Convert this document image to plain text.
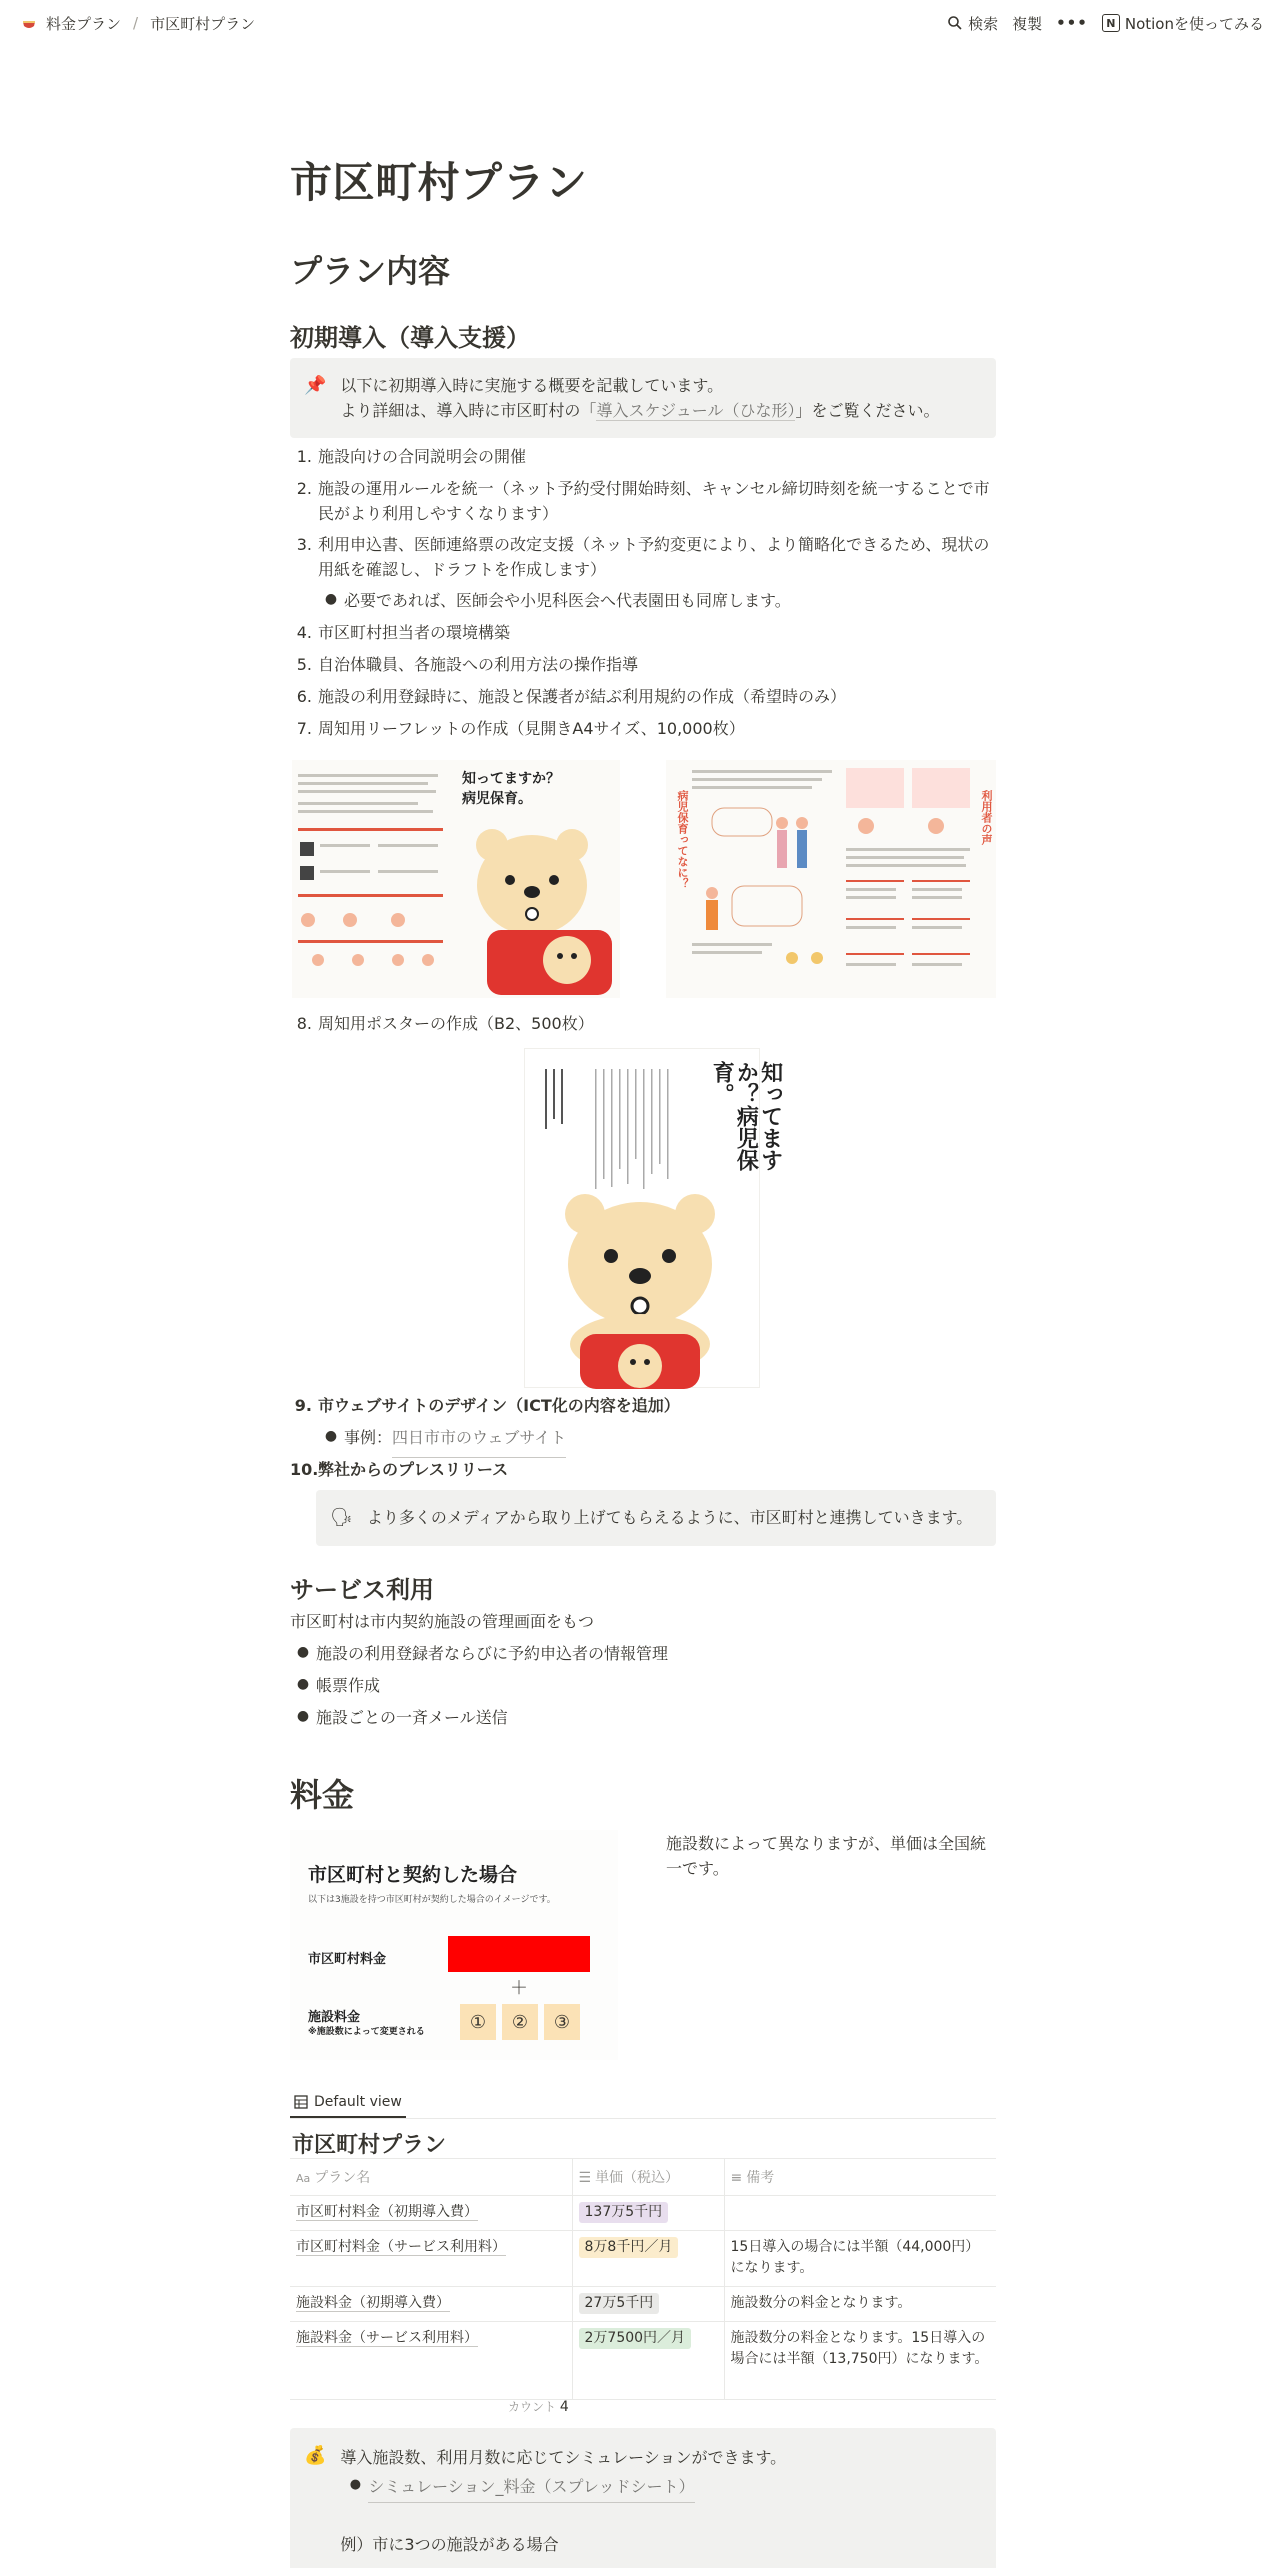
料金プラン / 市区町村プラン	検索 複製 •••	N Notionを使ってみる
市区町村プラン
プラン内容
初期導入（導入支援）
📌 以下に初期導入時に実施する概要を記載しています。
より詳細は、導入時に市区町村の「導入スケジュール（ひな形）」をご覧ください。
1. 施設向けの合同説明会の開催
2. 施設の運用ルールを統一（ネット予約受付開始時刻、キャンセル締切時刻を統一することで市民がより利用しやすくなります）
3. 利用申込書、医師連絡票の改定支援（ネット予約変更により、より簡略化できるため、現状の用紙を確認し、ドラフトを作成します）
● 必要であれば、医師会や小児科医会へ代表園田も同席します。
4. 市区町村担当者の環境構築
5. 自治体職員、各施設への利用方法の操作指導
6. 施設の利用登録時に、施設と保護者が結ぶ利用規約の作成（希望時のみ）
7. 周知用リーフレットの作成（見開きA4サイズ、10,000枚）
知ってますか？
病児保育。	病児保育ってなに？	利用者の声
8. 周知用ポスターの作成（B2、500枚）
知ってますか？病児保育。
9. 市ウェブサイトのデザイン（ICT化の内容を追加）
● 事例： 四日市市のウェブサイト
10. 弊社からのプレスリリース
🗣 より多くのメディアから取り上げてもらえるように、市区町村と連携していきます。
サービス利用
市区町村は市内契約施設の管理画面をもつ
● 施設の利用登録者ならびに予約申込者の情報管理
● 帳票作成
● 施設ごとの一斉メール送信
料金
市区町村と契約した場合
以下は3施設を持つ市区町村が契約した場合のイメージです。
市区町村料金
＋
施設料金
※施設数によって変更される	①	②	③
施設数によって異なりますが、単価は全国統一です。
Default view
市区町村プラン
Aa プラン名	☰ 単価（税込）	≡ 備考
市区町村料金（初期導入費）	137万5千円	
市区町村料金（サービス利用料）	8万8千円／月	15日導入の場合には半額（44,000円）になります。
施設料金（初期導入費）	27万5千円	施設数分の料金となります。
施設料金（サービス利用料）	2万7500円／月	施設数分の料金となります。15日導入の場合には半額（13,750円）になります。
カウント 4
💰 導入施設数、利用月数に応じてシミュレーションができます。
● シミュレーション_料金（スプレッドシート）
例）市に3つの施設がある場合
